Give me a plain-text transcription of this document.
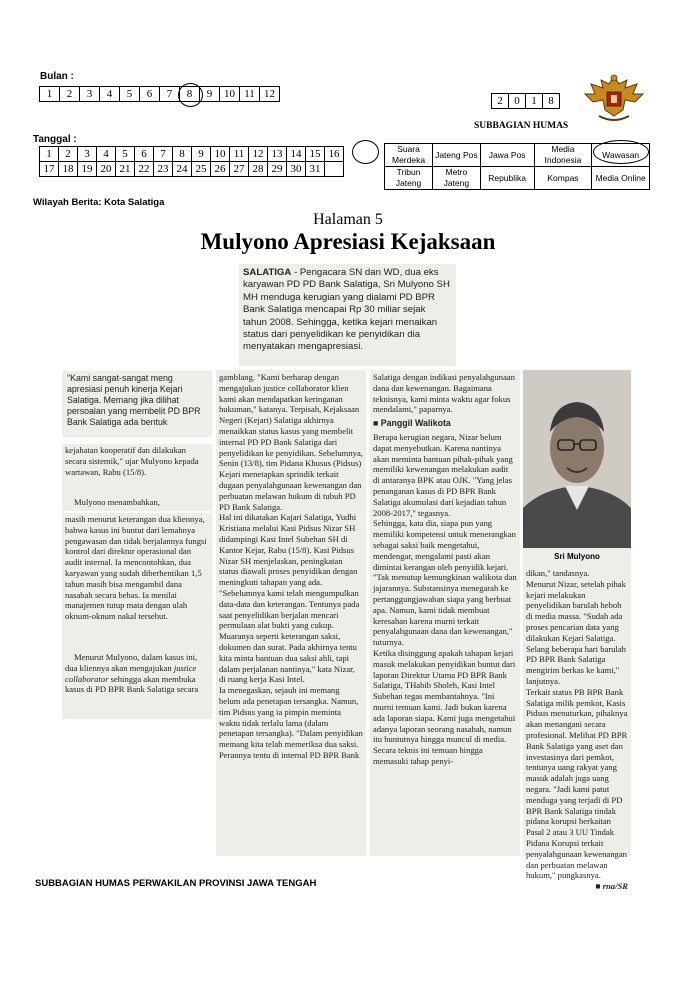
Bulan :
1	2	3	4	5	6	7	8	9	10	11	12
2	0	1	8
SUBBAGIAN HUMAS
Tanggal :
1	2	3	4	5	6	7	8	9	10	11	12	13	14	15	16
17	18	19	20	21	22	23	24	25	26	27	28	29	30	31	
Suara Merdeka	Jateng Pos	Jawa Pos	Media Indonesia	Wawasan
Tribun Jateng	Metro Jateng	Republika	Kompas	Media Online
Wilayah Berita: Kota Salatiga
Halaman 5
Mulyono Apresiasi Kejaksaan

SALATIGA - Pengacara SN dan WD, dua eks karyawan PD PD Bank Salatiga, Sri Mulyono SH MH menduga kerugian yang dialami PD BPR Bank Salatiga mencapai Rp 30 miliar sejak tahun 2008. Sehingga, ketika kejari menaikan status dari penyelidikan ke penyidikan dia menyatakan mengapresiasi.

"Kami sangat-sangat meng apresiasi penuh kinerja Kejari Salatiga. Memang jika dilihat persoalan yang membelit PD BPR Bank Salatiga ada bentuk

kejahatan kooperatif dan dilakukan secara sistemik," ujar Mulyono kepada wartawan, Rabu (15/8).

Mulyono menambahkan,

masih menurut keterangan dua kliennya, bahwa kasus ini buntut dari lemahnya pengawasan dan tidak berjalannya fungsi kontrol dari direktur operasional dan audit internal. Ia mencontohkan, dua karyawan yang sudah diberhentikan 1,5 tahun masih bisa mengambil dana nasabah secara bebas. Ia menilai manajemen tutup mata dengan ulah oknum-oknum nakal tersebut.

Menurut Mulyono, dalam kasus ini, dua kliennya akan mengajukan justice collaborator sehingga akan membuka kasus di PD BPR Bank Salatiga secara

gamblang. "Kami berharap dengan mengajukan justice collaborator klien kami akan mendapatkan keringanan hukuman," katanya. Terpisah, Kejaksaan Negeri (Kejari) Salatiga akhirnya menaikkan status kasus yang membelit internal PD PD Bank Salatiga dari penyelidikan ke penyidikan. Sebelumnya, Senin (13/8), tim Pidana Khusus (Pidsus) Kejari menetapkan sprindik terkait dugaan penyalahgunaan kewenangan dan perbuatan melawan hukum di tubuh PD PD Bank Salatiga.
Hal ini dikatakan Kajari Salatiga, Yudhi Kristiana melalui Kasi Pidsus Nizar SH didampingi Kasi Intel Subehan SH di Kantor Kejar, Rabu (15/8). Kasi Pidsus Nizar SH menjelaskan, peningkatan status diawali proses penyidikan dengan meningkuti tahapan yang ada.
"Sebelumnya kami telah mengumpulkan data-data dan keterangan. Tentunya pada saat penyelidikan berjalan mencari permulaan alat bukti yang cukup. Muaranya seperti keterangan saksi, dokumen dan surat. Pada akhirnya tentu kita minta bantuan dua saksi ahli, tapi dalam perjalanan nantinya," kata Nizar, di ruang kerja Kasi Intel.
Ia menegaskan, sejauh ini memang belum ada penetapan tersangka. Namun, tim Pidsus yang ia pimpin meminta waktu tidak terlalu lama (dalam penetapan tersangka). "Dalam penyidikan memang kita telah memeriksa dua saksi. Perannya tentu di internal PD BPR Bank

Salatiga dengan indikasi penyalahgunaan dana dan kewenangan. Bagaimana teknisnya, kami minta waktu agar fokus mendalami," paparnya.

■ Panggil Walikota

Berapa kerugian negara, Nizar belum dapat menyebutkan. Karena nantinya akan meminta bantuan pihak-pihak yang memiliki kewenangan melakukan audit di antaranya BPK atau OJK. "Yang jelas penanganan kasus di PD BPR Bank Salatiga akumulasi dari kejadian tahun 2008-2017," tegasnya.
Sehingga, kata dia, siapa pun yang memiliki kompetensi untuk menerangkan sebagai saksi baik mengetahui, mendengar, mengalami pasti akan dimintai kerangan oleh penyidik kejari. "Tak menutup kemungkinan walikota dan jajarannya. Substansinya menegarah ke pertanggungjawaban siapa yang berbuat apa. Namun, kami tidak membuat keresahan karena murni terkait penyalahgunaan dana dan kewenangan," tuturnya.
Ketika disinggung apakah tahapan kejari masuk melakukan penyidikan buntut dari laporan Direktur Utama PD BPR Bank Salatiga, THabib Sholeh, Kasi Intel Subehan tegas membantahnya. "Ini murni temuan kami. Jadi bukan karena ada laporan siapa. Kami juga mengetahui adanya laporan seorang nasabah, namun itu buntutnya hingga muncul di media. Secara teknis ini temuan hingga memasuki tahap penyi-

Sri Mulyono

dikan," tandasnya.
Menurut Nizar, setelah pihak kejari melakukan penyelidikan barulah heboh di media massa. "Sudah ada proses pencarian data yang dilakukan Kejari Salatiga. Selang beberapa hari barulah PD BPR Bank Salatiga mengirim berkas ke kami," lanjutnya.
Terkait status PB BPR Bank Salatiga milik pemkot, Kasis Pidsus menuturkan, pihaknya akan menangani secara profesional. Melihat PD BPR Bank Salatiga yang aset dan investasinya dari pemkot, tentunya uang rakyat yang masuk adalah juga uang negara. "Jadi kami patut menduga yang terjadi di PD BPR Bank Salatiga tindak pidana korupsi berkaitan Pasal 2 atau 3 UU Tindak Pidana Korupsi terkait penyalahgunaan kewenangan dan perbuatan melawan hukum," pungkasnya.

■ rna/SR

SUBBAGIAN HUMAS PERWAKILAN PROVINSI JAWA TENGAH
